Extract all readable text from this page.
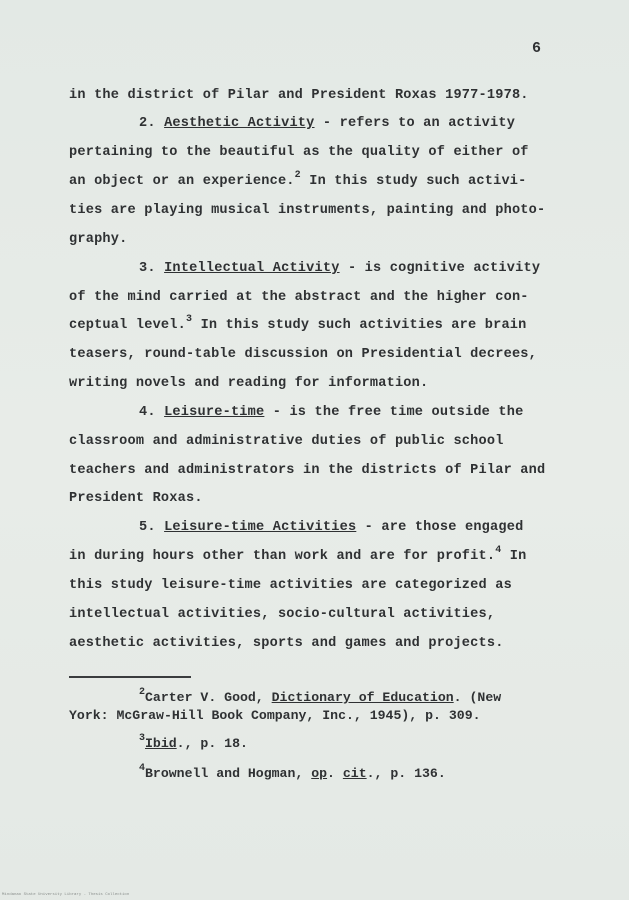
6
in the district of Pilar and President Roxas 1977-1978.
2. Aesthetic Activity - refers to an activity
pertaining to the beautiful as the quality of either of
an object or an experience.$^2$ In this study such activi-
ties are playing musical instruments, painting and photo-
graphy.
3. Intellectual Activity - is cognitive activity
of the mind carried at the abstract and the higher con-
ceptual level.$^3$ In this study such activities are brain
teasers, round-table discussion on Presidential decrees,
writing novels and reading for information.
4. Leisure-time - is the free time outside the
classroom and administrative duties of public school
teachers and administrators in the districts of Pilar and
President Roxas.
5. Leisure-time Activities - are those engaged
in during hours other than work and are for profit.$^4$ In
this study leisure-time activities are categorized as
intellectual activities, socio-cultural activities,
aesthetic activities, sports and games and projects.
$^2$Carter V. Good, Dictionary of Education. (New
York: McGraw-Hill Book Company, Inc., 1945), p. 309.
$^3$Ibid., p. 18.
$^4$Brownell and Hogman, op. cit., p. 136.
Mindanao State University Library - Thesis Collection
